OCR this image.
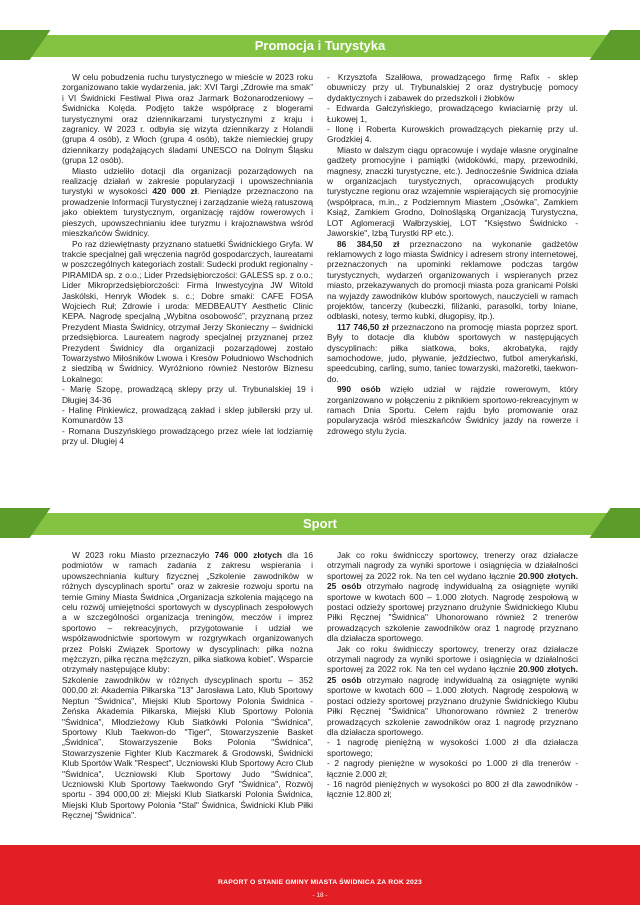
Promocja i Turystyka

W celu pobudzenia ruchu turystycznego w mieście w 2023 roku zorganizowano takie wydarzenia, jak: XVI Targi „Zdrowie ma smak” i VI Świdnicki Festiwal Piwa oraz Jarmark Bożonarodzeniowy – Świdnicka Kolęda. Podjęto także współpracę z blogerami turystycznymi oraz dziennikarzami turystycznymi z kraju i zagranicy. W 2023 r. odbyła się wizyta dziennikarzy z Holandii (grupa 4 osób), z Włoch (grupa 4 osób), także niemieckiej grupy dziennikarzy podążających śladami UNESCO na Dolnym Śląsku (grupa 12 osób).

Miasto udzieliło dotacji dla organizacji pozarządowych na realizację działań w zakresie popularyzacji i upowszechniania turystyki w wysokości 420 000 zł. Pieniądze przeznaczono na prowadzenie Informacji Turystycznej i zarządzanie wieżą ratuszową jako obiektem turystycznym, organizację rajdów rowerowych i pieszych, upowszechnianiu idee turyzmu i krajoznawstwa wśród mieszkańców Świdnicy.

Po raz dziewiętnasty przyznano statuetki Świdnickiego Gryfa. W trakcie specjalnej gali wręczenia nagród gospodarczych, laureatami w poszczególnych kategoriach zostali: Sudecki produkt regionalny - PIRAMIDA sp. z o.o.; Lider Przedsiębiorczości: GALESS sp. z o.o.; Lider Mikroprzedsiębiorczości: Firma Inwestycyjna JW Witold Jaskólski, Henryk Włodek s. c.; Dobre smaki: CAFE FOSA Wojciech Ruł; Zdrowie i uroda: MEDBEAUTY Aesthetic Clinic KEPA. Nagrodę specjalną „Wybitna osobowość”, przyznaną przez Prezydent Miasta Świdnicy, otrzymał Jerzy Skonieczny – świdnicki przedsiębiorca. Laureatem nagrody specjalnej przyznanej przez Prezydent Świdnicy dla organizacji pozarządowej zostało Towarzystwo Miłośników Lwowa i Kresów Południowo Wschodnich z siedzibą w Świdnicy. Wyróżniono również Nestorów Biznesu Lokalnego:

- Marię Szopę, prowadzącą sklepy przy ul. Trybunalskiej 19 i Długiej 34-36

- Halinę Pinkiewicz, prowadzącą zakład i sklep jubilerski przy ul. Komunardów 13

- Romana Duszyńskiego prowadzącego przez wiele lat lodziarnię przy ul. Długiej 4

- Krzysztofa Szaliłowa, prowadzącego firmę Rafix - sklep obuwniczy przy ul. Trybunalskiej 2 oraz dystrybucję pomocy dydaktycznych i zabawek do przedszkoli i żłobków

- Edwarda Gałczyńskiego, prowadzącego kwiaciarnię przy ul. Łukowej 1,

- Ilonę i Roberta Kurowskich prowadzących piekarnię przy ul. Grodzkiej 4.

Miasto w dalszym ciągu opracowuje i wydaje własne oryginalne gadżety promocyjne i pamiątki (widokówki, mapy, przewodniki, magnesy, znaczki turystyczne, etc.). Jednocześnie Świdnica działa w organizacjach turystycznych, opracowujących produkty turystyczne regionu oraz wzajemnie wspierających się promocyjnie (współpraca, m.in., z Podziemnym Miastem „Osówka”, Zamkiem Książ, Zamkiem Grodno, Dolnośląską Organizacją Turystyczna, LOT Aglomeracji Wałbrzyskiej, LOT "Księstwo Świdnicko - Jaworskie", Izbą Turystki RP etc.).

86 384,50 zł przeznaczono na wykonanie gadżetów reklamowych z logo miasta Świdnicy i adresem strony internetowej, przeznaczonych na upominki reklamowe podczas targów turystycznych, wydarzeń organizowanych i wspieranych przez miasto, przekazywanych do promocji miasta poza granicami Polski na wyjazdy zawodników klubów sportowych, nauczycieli w ramach projektów, tancerzy (kubeczki, filiżanki, parasolki, torby lniane, odblaski, notesy, termo kubki, długopisy, itp.).

117 746,50 zł przeznaczono na promocję miasta poprzez sport. Były to dotacje dla klubów sportowych w następujących dyscyplinach: piłka siatkowa, boks, akrobatyka, rajdy samochodowe, judo, pływanie, jeździectwo, futbol amerykański, speedcubing, carling, sumo, taniec towarzyski, mażoretki, taekwon-do.

990 osób wzięło udział w rajdzie rowerowym, który zorganizowano w połączeniu z piknikiem sportowo-rekreacyjnym w ramach Dnia Sportu. Celem rajdu było promowanie oraz popularyzacja wśród mieszkańców Świdnicy jazdy na rowerze i zdrowego stylu życia.

Sport

W 2023 roku Miasto przeznaczyło 746 000 złotych dla 16 podmiotów w ramach zadania z zakresu wspierania i upowszechniania kultury fizycznej „Szkolenie zawodników w różnych dyscyplinach sportu” oraz w zakresie rozwoju sportu na ternie Gminy Miasta Świdnica „Organizacja szkolenia mającego na celu rozwój umiejętności sportowych w dyscyplinach zespołowych a w szczególności organizacja treningów, meczów i imprez sportowo – rekreacyjnych, przygotowanie i udział we współzawodnictwie sportowym w rozgrywkach organizowanych przez Polski Związek Sportowy w dyscyplinach: piłka nożna mężczyzn, piłka ręczna mężczyzn, piłka siatkowa kobiet”. Wsparcie otrzymały następujące kluby:

Szkolenie zawodników w różnych dyscyplinach sportu – 352 000,00 zł: Akademia Piłkarska "13" Jarosława Lato, Klub Sportowy Neptun "Świdnica", Miejski Klub Sportowy Polonia Świdnica - Żeńska Akademia Piłkarska, Miejski Klub Sportowy Polonia "Świdnica", Młodzieżowy Klub Siatkówki Polonia "Świdnica", Sportowy Klub Taekwon-do "Tiger", Stowarzyszenie Basket „Świdnica”, Stowarzyszenie Boks Polonia "Świdnica", Stowarzyszenie Fighter Klub Kaczmarek & Grodowski, Świdnicki Klub Sportów Walk "Respect", Uczniowski Klub Sportowy Acro Club "Świdnica", Uczniowski Klub Sportowy Judo "Świdnica", Uczniowski Klub Sportowy Taekwondo Gryf "Świdnica", Rozwój sportu - 394 000,00 zł: Miejski Klub Siatkarski Polonia Świdnica, Miejski Klub Sportowy Polonia "Stal" Świdnica, Świdnicki Klub Piłki Ręcznej "Świdnica".

Jak co roku świdnicczy sportowcy, trenerzy oraz działacze otrzymali nagrody za wyniki sportowe i osiągnięcia w działalności sportowej za 2022 rok. Na ten cel wydano łącznie 20.900 złotych. 25 osób otrzymało nagrodę indywidualną za osiągnięte wyniki sportowe w kwotach 600 – 1.000 złotych. Nagrodę zespołową w postaci odzieży sportowej przyznano drużynie Świdnickiego Klubu Piłki Ręcznej "Świdnica" Uhonorowano również 2 trenerów prowadzących szkolenie zawodników oraz 1 nagrodę przyznano dla działacza sportowego.

Jak co roku świdnicczy sportowcy, trenerzy oraz działacze otrzymali nagrody za wyniki sportowe i osiągnięcia w działalności sportowej za 2022 rok. Na ten cel wydano łącznie 20.900 złotych. 25 osób otrzymało nagrodę indywidualną za osiągnięte wyniki sportowe w kwotach 600 – 1.000 złotych. Nagrodę zespołową w postaci odzieży sportowej przyznano drużynie Świdnickiego Klubu Piłki Ręcznej "Świdnica" Uhonorowano również 2 trenerów prowadzących szkolenie zawodników oraz 1 nagrodę przyznano dla działacza sportowego.

- 1 nagrodę pieniężną w wysokości 1.000 zł dla działacza sportowego;

- 2 nagrody pieniężne w wysokości po 1.000 zł dla trenerów - łącznie 2.000 zł;

- 16 nagród pieniężnych w wysokości po 800 zł dla zawodników - łącznie 12.800 zł;

RAPORT O STANIE GMINY MIASTA ŚWIDNICA ZA ROK 2023
- 18 -
